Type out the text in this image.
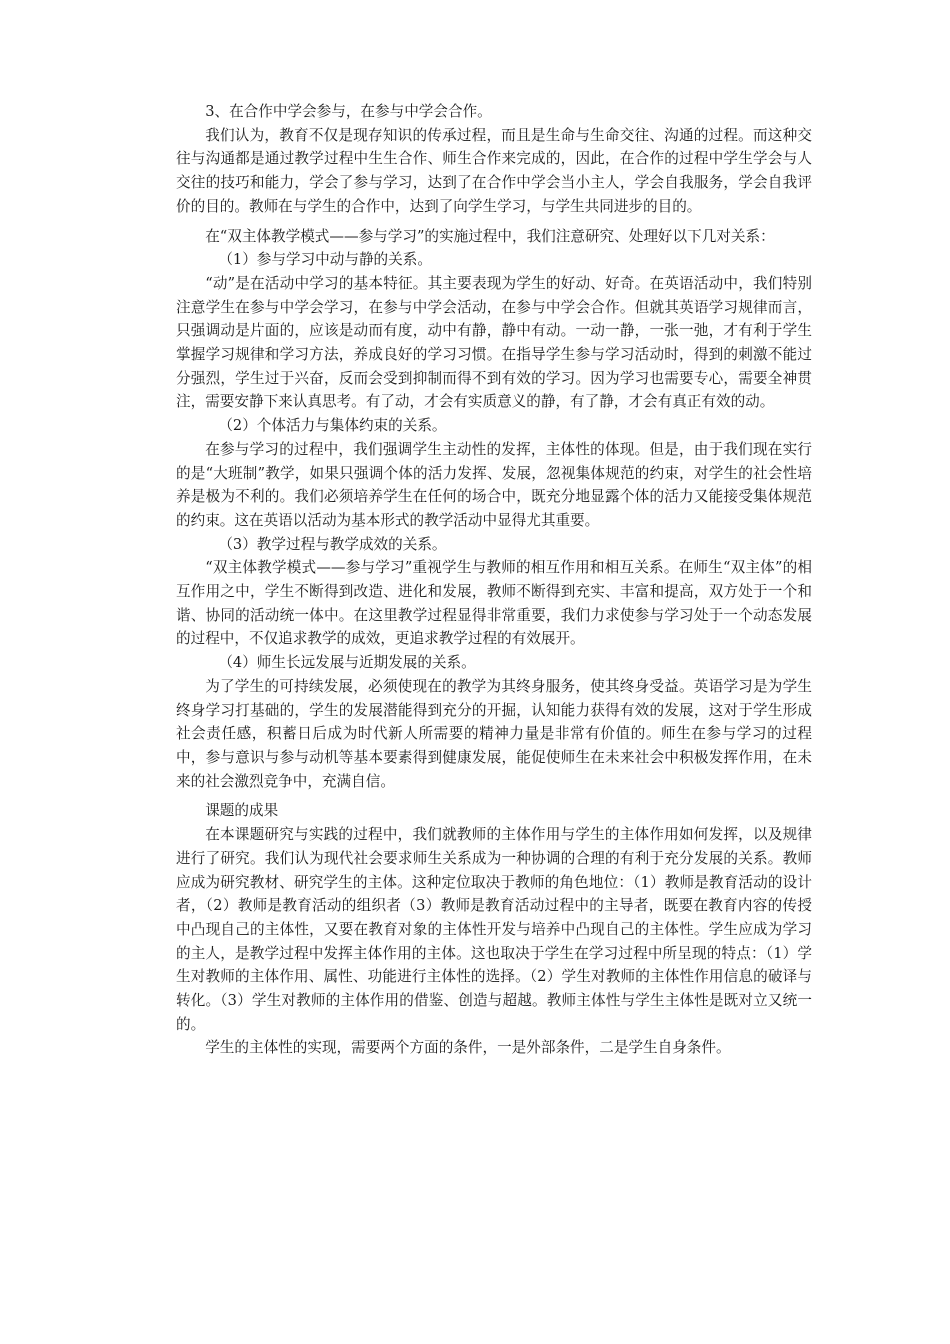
3、在合作中学会参与，在参与中学会合作。

我们认为，教育不仅是现存知识的传承过程，而且是生命与生命交往、沟通的过程。而这种交往与沟通都是通过教学过程中生生合作、师生合作来完成的，因此，在合作的过程中学生学会与人交往的技巧和能力，学会了参与学习，达到了在合作中学会当小主人，学会自我服务，学会自我评价的目的。教师在与学生的合作中，达到了向学生学习，与学生共同进步的目的。

在“双主体教学模式——参与学习”的实施过程中，我们注意研究、处理好以下几对关系：

（1）参与学习中动与静的关系。

“动”是在活动中学习的基本特征。其主要表现为学生的好动、好奇。在英语活动中，我们特别注意学生在参与中学会学习，在参与中学会活动，在参与中学会合作。但就其英语学习规律而言，只强调动是片面的，应该是动而有度，动中有静，静中有动。一动一静，一张一弛，才有利于学生掌握学习规律和学习方法，养成良好的学习习惯。在指导学生参与学习活动时，得到的刺激不能过分强烈，学生过于兴奋，反而会受到抑制而得不到有效的学习。因为学习也需要专心，需要全神贯注，需要安静下来认真思考。有了动，才会有实质意义的静，有了静，才会有真正有效的动。

（2）个体活力与集体约束的关系。

在参与学习的过程中，我们强调学生主动性的发挥，主体性的体现。但是，由于我们现在实行的是“大班制”教学，如果只强调个体的活力发挥、发展，忽视集体规范的约束，对学生的社会性培养是极为不利的。我们必须培养学生在任何的场合中，既充分地显露个体的活力又能接受集体规范的约束。这在英语以活动为基本形式的教学活动中显得尤其重要。

（3）教学过程与教学成效的关系。

“双主体教学模式——参与学习”重视学生与教师的相互作用和相互关系。在师生“双主体”的相互作用之中，学生不断得到改造、进化和发展，教师不断得到充实、丰富和提高，双方处于一个和谐、协同的活动统一体中。在这里教学过程显得非常重要，我们力求使参与学习处于一个动态发展的过程中，不仅追求教学的成效，更追求教学过程的有效展开。

（4）师生长远发展与近期发展的关系。

为了学生的可持续发展，必须使现在的教学为其终身服务，使其终身受益。英语学习是为学生终身学习打基础的，学生的发展潜能得到充分的开掘，认知能力获得有效的发展，这对于学生形成社会责任感，积蓄日后成为时代新人所需要的精神力量是非常有价值的。师生在参与学习的过程中，参与意识与参与动机等基本要素得到健康发展，能促使师生在未来社会中积极发挥作用，在未来的社会激烈竞争中，充满自信。

课题的成果

在本课题研究与实践的过程中，我们就教师的主体作用与学生的主体作用如何发挥，以及规律进行了研究。我们认为现代社会要求师生关系成为一种协调的合理的有利于充分发展的关系。教师应成为研究教材、研究学生的主体。这种定位取决于教师的角色地位：（1）教师是教育活动的设计者，（2）教师是教育活动的组织者（3）教师是教育活动过程中的主导者，既要在教育内容的传授中凸现自己的主体性，又要在教育对象的主体性开发与培养中凸现自己的主体性。学生应成为学习的主人，是教学过程中发挥主体作用的主体。这也取决于学生在学习过程中所呈现的特点：（1）学生对教师的主体作用、属性、功能进行主体性的选择。（2）学生对教师的主体性作用信息的破译与转化。（3）学生对教师的主体作用的借鉴、创造与超越。教师主体性与学生主体性是既对立又统一的。

学生的主体性的实现，需要两个方面的条件，一是外部条件，二是学生自身条件。
